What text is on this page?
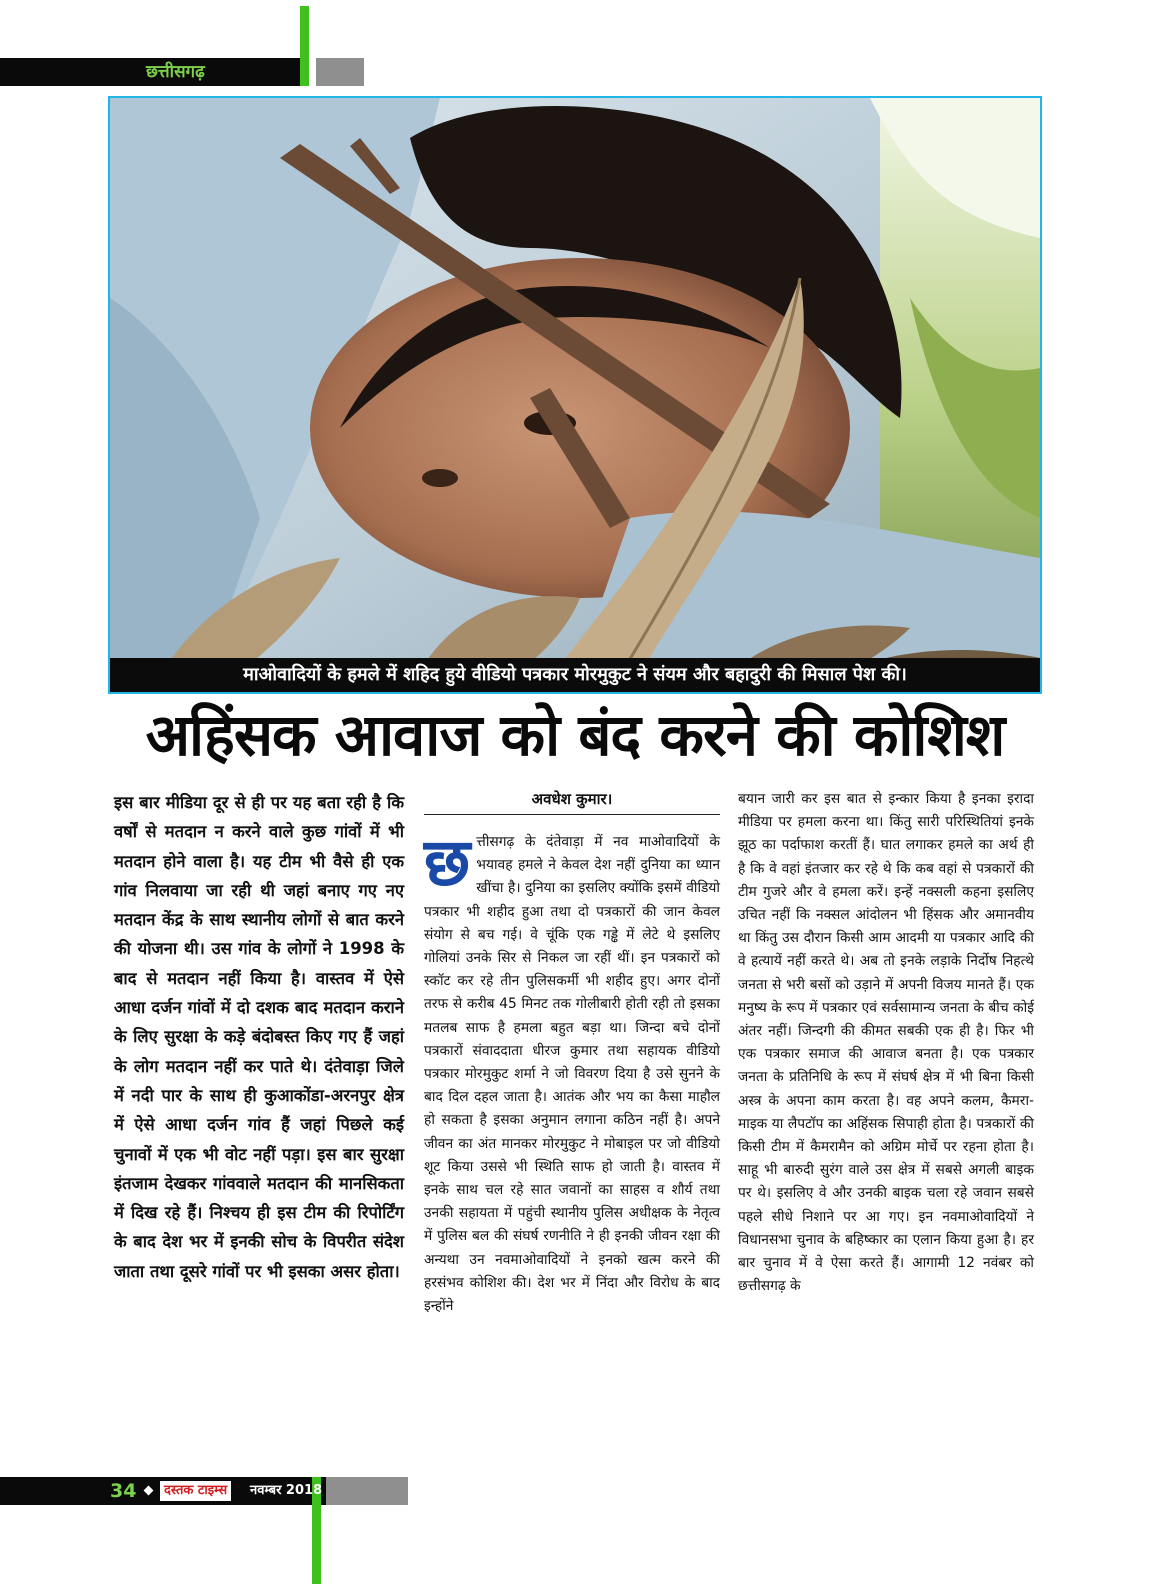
छत्तीसगढ़
माओवादियों के हमले में शहिद हुये वीडियो पत्रकार मोरमुकुट ने संयम और बहादुरी की मिसाल पेश की।
अहिंसक आवाज को बंद करने की कोशिश
इस बार मीडिया दूर से ही पर यह बता रही है कि वर्षों से मतदान न करने वाले कुछ गांवों में भी मतदान होने वाला है। यह टीम भी वैसे ही एक गांव निलवाया जा रही थी जहां बनाए गए नए मतदान केंद्र के साथ स्थानीय लोगों से बात करने की योजना थी। उस गांव के लोगों ने 1998 के बाद से मतदान नहीं किया है। वास्तव में ऐसे आधा दर्जन गांवों में दो दशक बाद मतदान कराने के लिए सुरक्षा के कड़े बंदोबस्त किए गए हैं जहां के लोग मतदान नहीं कर पाते थे। दंतेवाड़ा जिले में नदी पार के साथ ही कुआकोंडा-अरनपुर क्षेत्र में ऐसे आधा दर्जन गांव हैं जहां पिछले कई चुनावों में एक भी वोट नहीं पड़ा। इस बार सुरक्षा इंतजाम देखकर गांववाले मतदान की मानसिकता में दिख रहे हैं। निश्चय ही इस टीम की रिपोर्टिंग के बाद देश भर में इनकी सोच के विपरीत संदेश जाता तथा दूसरे गांवों पर भी इसका असर होता।
अवधेश कुमार।
छ त्तीसगढ़ के दंतेवाड़ा में नव माओवादियों के भयावह हमले ने केवल देश नहीं दुनिया का ध्यान खींचा है। दुनिया का इसलिए क्योंकि इसमें वीडियो पत्रकार भी शहीद हुआ तथा दो पत्रकारों की जान केवल संयोग से बच गई। वे चूंकि एक गड्ढे में लेटे थे इसलिए गोलियां उनके सिर से निकल जा रहीं थीं। इन पत्रकारों को स्कॉट कर रहे तीन पुलिसकर्मी भी शहीद हुए। अगर दोनों तरफ से करीब 45 मिनट तक गोलीबारी होती रही तो इसका मतलब साफ है हमला बहुत बड़ा था। जिन्दा बचे दोनों पत्रकारों संवाददाता धीरज कुमार तथा सहायक वीडियो पत्रकार मोरमुकुट शर्मा ने जो विवरण दिया है उसे सुनने के बाद दिल दहल जाता है। आतंक और भय का कैसा माहौल हो सकता है इसका अनुमान लगाना कठिन नहीं है। अपने जीवन का अंत मानकर मोरमुकुट ने मोबाइल पर जो वीडियो शूट किया उससे भी स्थिति साफ हो जाती है। वास्तव में इनके साथ चल रहे सात जवानों का साहस व शौर्य तथा उनकी सहायता में पहुंची स्थानीय पुलिस अधीक्षक के नेतृत्व में पुलिस बल की संघर्ष रणनीति ने ही इनकी जीवन रक्षा की अन्यथा उन नवमाओवादियों ने इनको खत्म करने की हरसंभव कोशिश की। देश भर में निंदा और विरोध के बाद इन्होंने
बयान जारी कर इस बात से इन्कार किया है इनका इरादा मीडिया पर हमला करना था। किंतु सारी परिस्थितियां इनके झूठ का पर्दाफाश करतीं हैं। घात लगाकर हमले का अर्थ ही है कि वे वहां इंतजार कर रहे थे कि कब वहां से पत्रकारों की टीम गुजरे और वे हमला करें। इन्हें नक्सली कहना इसलिए उचित नहीं कि नक्सल आंदोलन भी हिंसक और अमानवीय था किंतु उस दौरान किसी आम आदमी या पत्रकार आदि की वे हत्यायें नहीं करते थे। अब तो इनके लड़ाके निर्दोष निहत्थे जनता से भरी बसों को उड़ाने में अपनी विजय मानते हैं। एक मनुष्य के रूप में पत्रकार एवं सर्वसामान्य जनता के बीच कोई अंतर नहीं। जिन्दगी की कीमत सबकी एक ही है। फिर भी एक पत्रकार समाज की आवाज बनता है। एक पत्रकार जनता के प्रतिनिधि के रूप में संघर्ष क्षेत्र में भी बिना किसी अस्त्र के अपना काम करता है। वह अपने कलम, कैमरा-माइक या लैपटॉप का अहिंसक सिपाही होता है। पत्रकारों की किसी टीम में कैमरामैन को अग्रिम मोर्चे पर रहना होता है। साहू भी बारुदी सुरंग वाले उस क्षेत्र में सबसे अगली बाइक पर थे। इसलिए वे और उनकी बाइक चला रहे जवान सबसे पहले सीधे निशाने पर आ गए। इन नवमाओवादियों ने विधानसभा चुनाव के बहिष्कार का एलान किया हुआ है। हर बार चुनाव में वे ऐसा करते हैं। आगामी 12 नवंबर को छत्तीसगढ़ के
34	दस्तक टाइम्स	नवम्बर 2018
